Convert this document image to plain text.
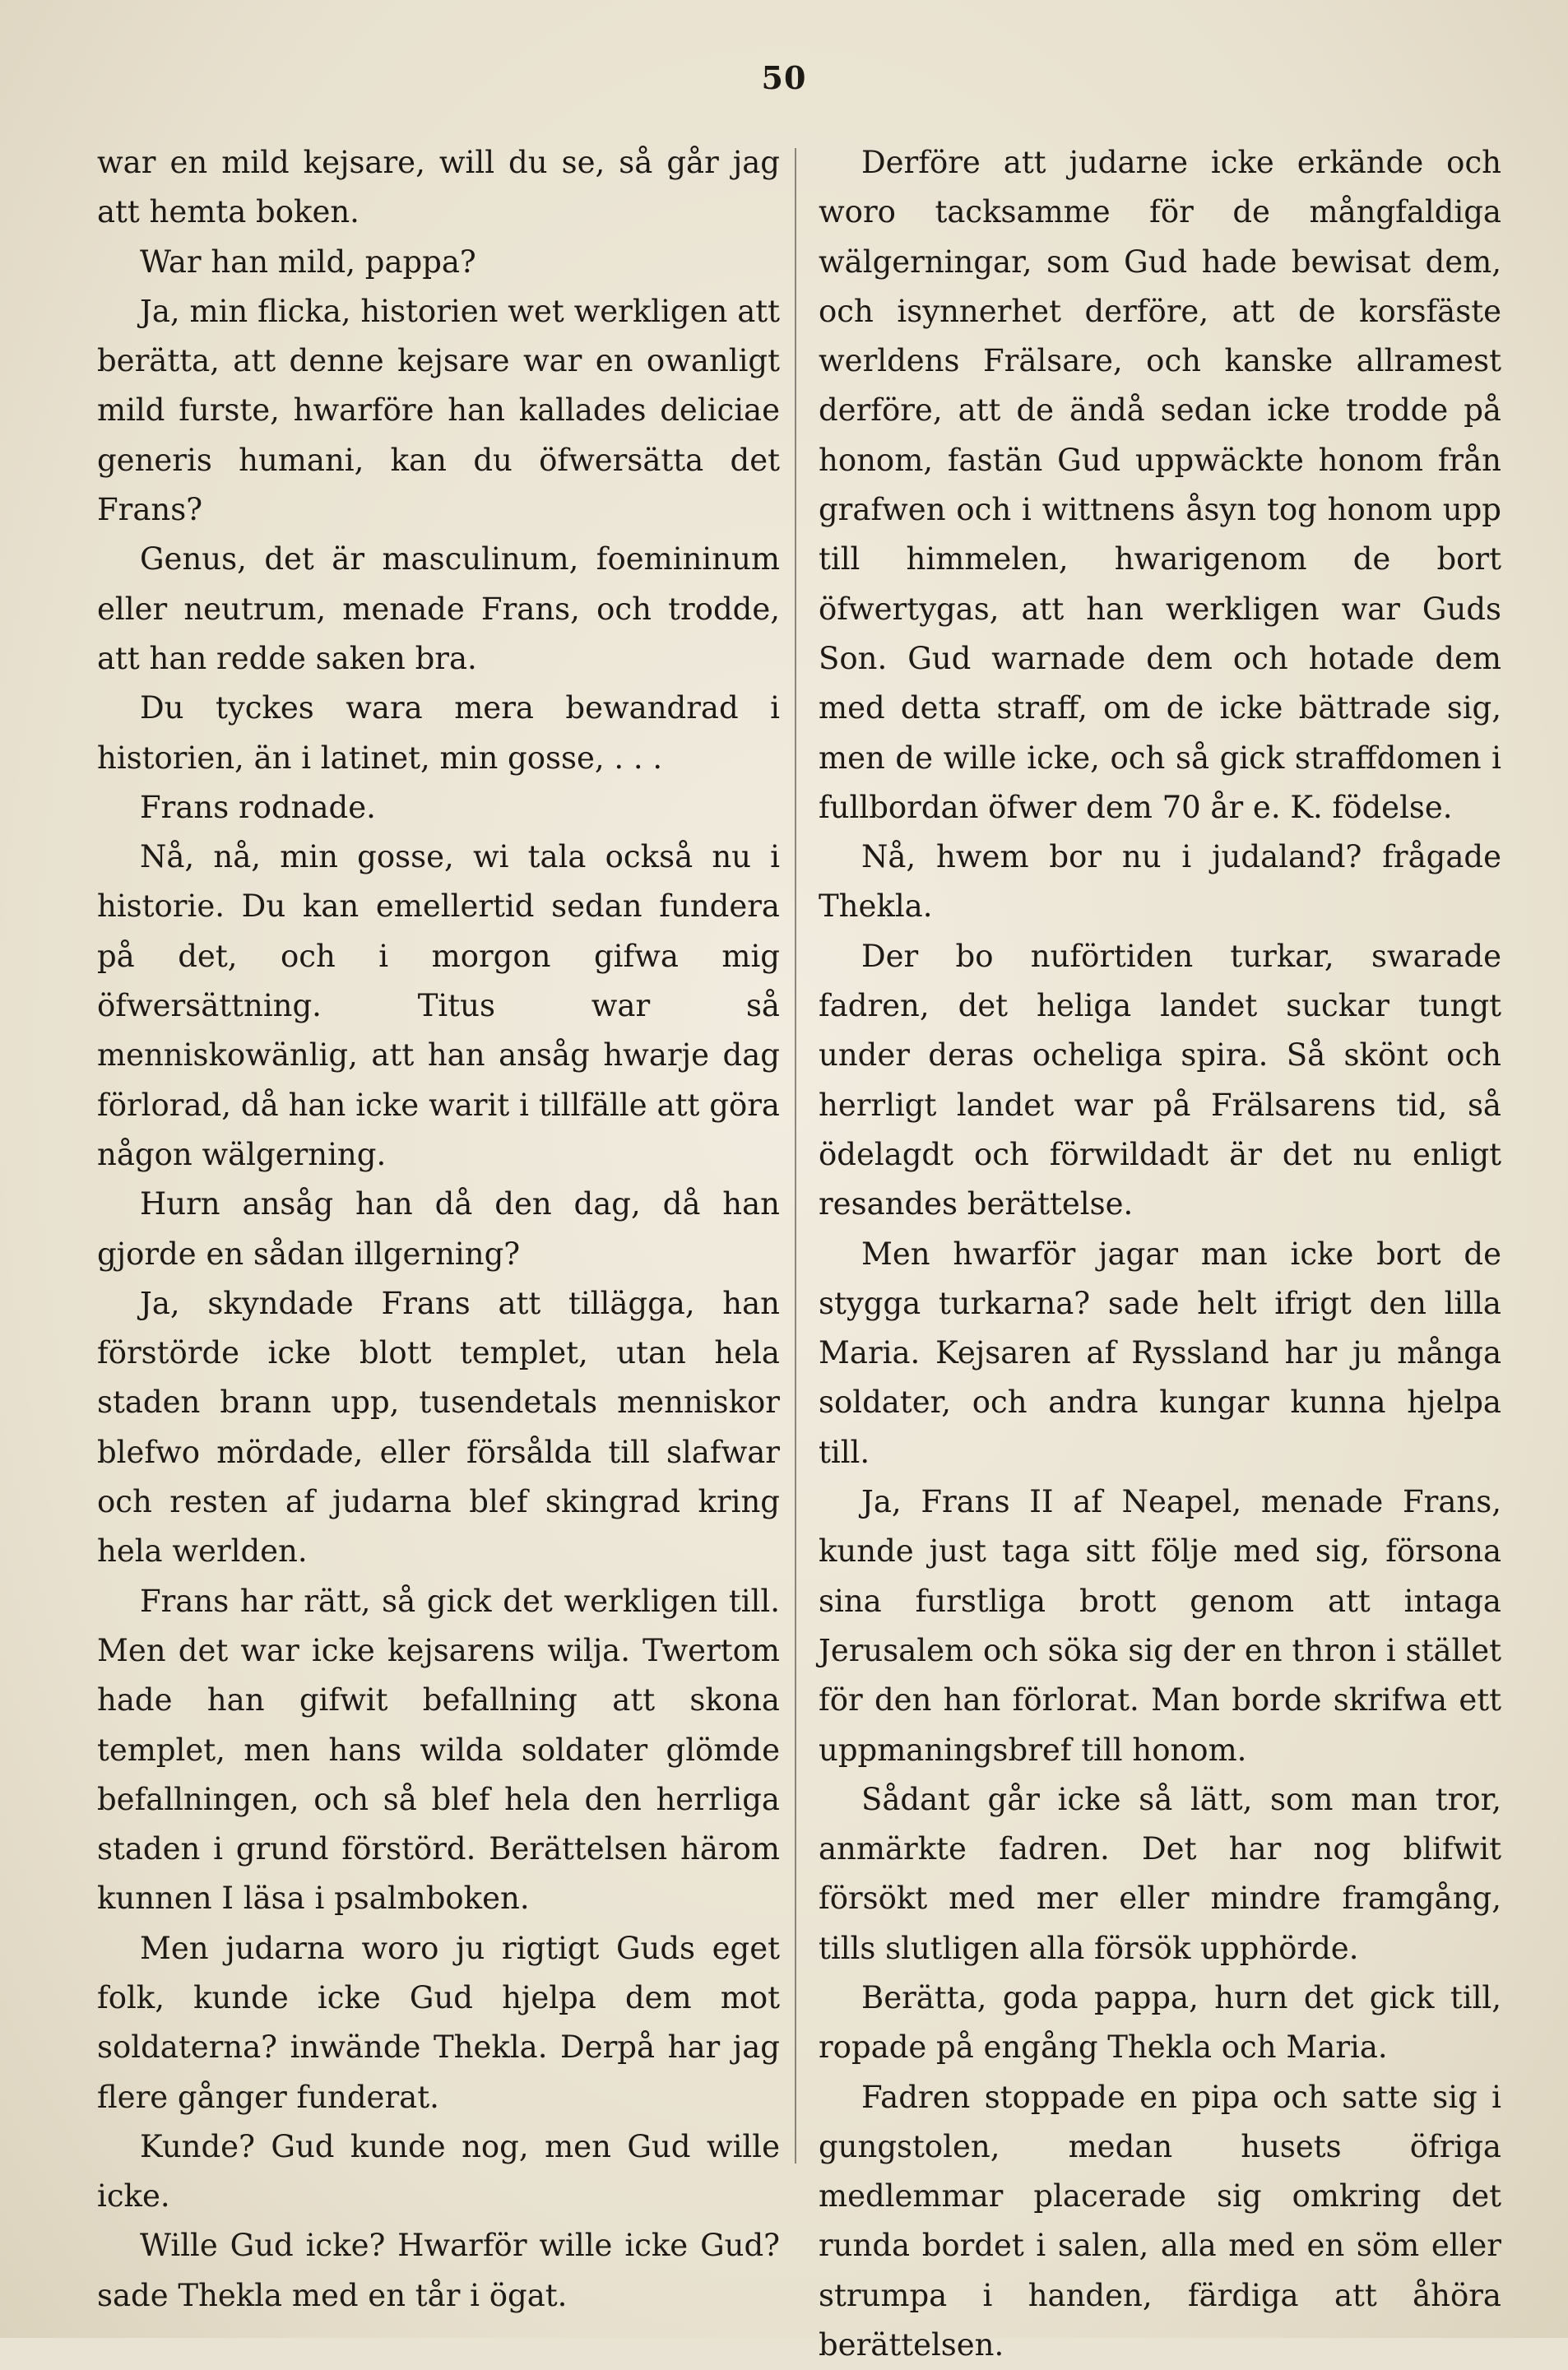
50

war en mild kejsare, will du se, så går jag att hemta boken.

War han mild, pappa?

Ja, min flicka, historien wet werkligen att berätta, att denne kejsare war en owanligt mild furste, hwarföre han kallades deliciae generis humani, kan du öfwersätta det Frans?

Genus, det är masculinum, foemininum eller neutrum, menade Frans, och trodde, att han redde saken bra.

Du tyckes wara mera bewandrad i historien, än i latinet, min gosse, . . .

Frans rodnade.

Nå, nå, min gosse, wi tala också nu i historie. Du kan emellertid sedan fundera på det, och i morgon gifwa mig öfwersättning. Titus war så menniskowänlig, att han ansåg hwarje dag förlorad, då han icke warit i tillfälle att göra någon wälgerning.

Hurn ansåg han då den dag, då han gjorde en sådan illgerning?

Ja, skyndade Frans att tillägga, han förstörde icke blott templet, utan hela staden brann upp, tusendetals menniskor blefwo mördade, eller försålda till slafwar och resten af judarna blef skingrad kring hela werlden.

Frans har rätt, så gick det werkligen till. Men det war icke kejsarens wilja. Twertom hade han gifwit befallning att skona templet, men hans wilda soldater glömde befallningen, och så blef hela den herrliga staden i grund förstörd. Berättelsen härom kunnen I läsa i psalmboken.

Men judarna woro ju rigtigt Guds eget folk, kunde icke Gud hjelpa dem mot soldaterna? inwände Thekla. Derpå har jag flere gånger funderat.

Kunde? Gud kunde nog, men Gud wille icke.

Wille Gud icke? Hwarför wille icke Gud? sade Thekla med en tår i ögat.

Derföre att judarne icke erkände och woro tacksamme för de mångfaldiga wälgerningar, som Gud hade bewisat dem, och isynnerhet derföre, att de korsfäste werldens Frälsare, och kanske allramest derföre, att de ändå sedan icke trodde på honom, fastän Gud uppwäckte honom från grafwen och i wittnens åsyn tog honom upp till himmelen, hwarigenom de bort öfwertygas, att han werkligen war Guds Son. Gud warnade dem och hotade dem med detta straff, om de icke bättrade sig, men de wille icke, och så gick straffdomen i fullbordan öfwer dem 70 år e. K. födelse.

Nå, hwem bor nu i judaland? frågade Thekla.

Der bo nuförtiden turkar, swarade fadren, det heliga landet suckar tungt under deras ocheliga spira. Så skönt och herrligt landet war på Frälsarens tid, så ödelagdt och förwildadt är det nu enligt resandes berättelse.

Men hwarför jagar man icke bort de styggа turkarna? sade helt ifrigt den lilla Maria. Kejsaren af Ryssland har ju många soldater, och andra kungar kunna hjelpa till.

Ja, Frans II af Neapel, menade Frans, kunde just taga sitt följe med sig, försona sina furstliga brott genom att intaga Jerusalem och söka sig der en thron i stället för den han förlorat. Man borde skrifwa ett uppmaningsbref till honom.

Sådant går icke så lätt, som man tror, anmärkte fadren. Det har nog blifwit försökt med mer eller mindre framgång, tills slutligen alla försök upphörde.

Berätta, goda pappa, hurn det gick till, ropade på engång Thekla och Maria.

Fadren stoppade en pipa och satte sig i gungstolen, medan husets öfriga medlemmar placerade sig omkring det runda bordet i salen, alla med en söm eller strumpa i handen, färdiga att åhöra berättelsen.
